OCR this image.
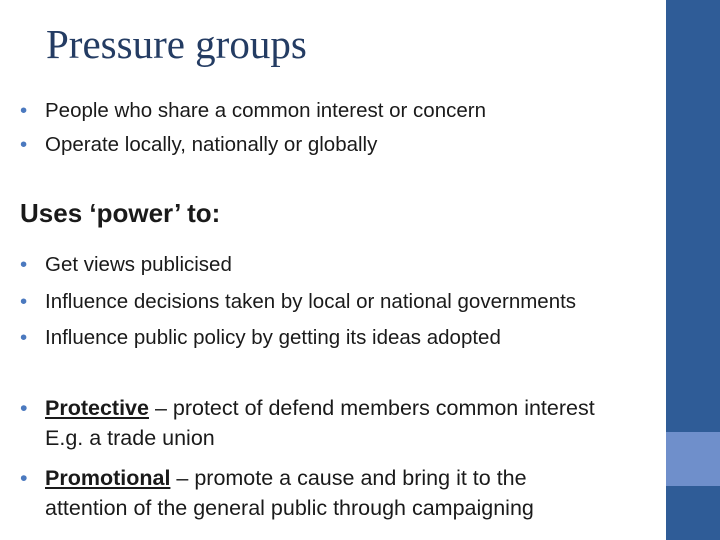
Pressure groups
• People who share a common interest or concern
• Operate locally, nationally or globally
Uses ‘power’ to:
• Get views publicised
• Influence decisions taken by local or national governments
• Influence public policy by getting its ideas adopted
• Protective – protect of defend members common interest
E.g. a trade union
• Promotional – promote a cause and bring it to the
attention of the general public through campaigning
